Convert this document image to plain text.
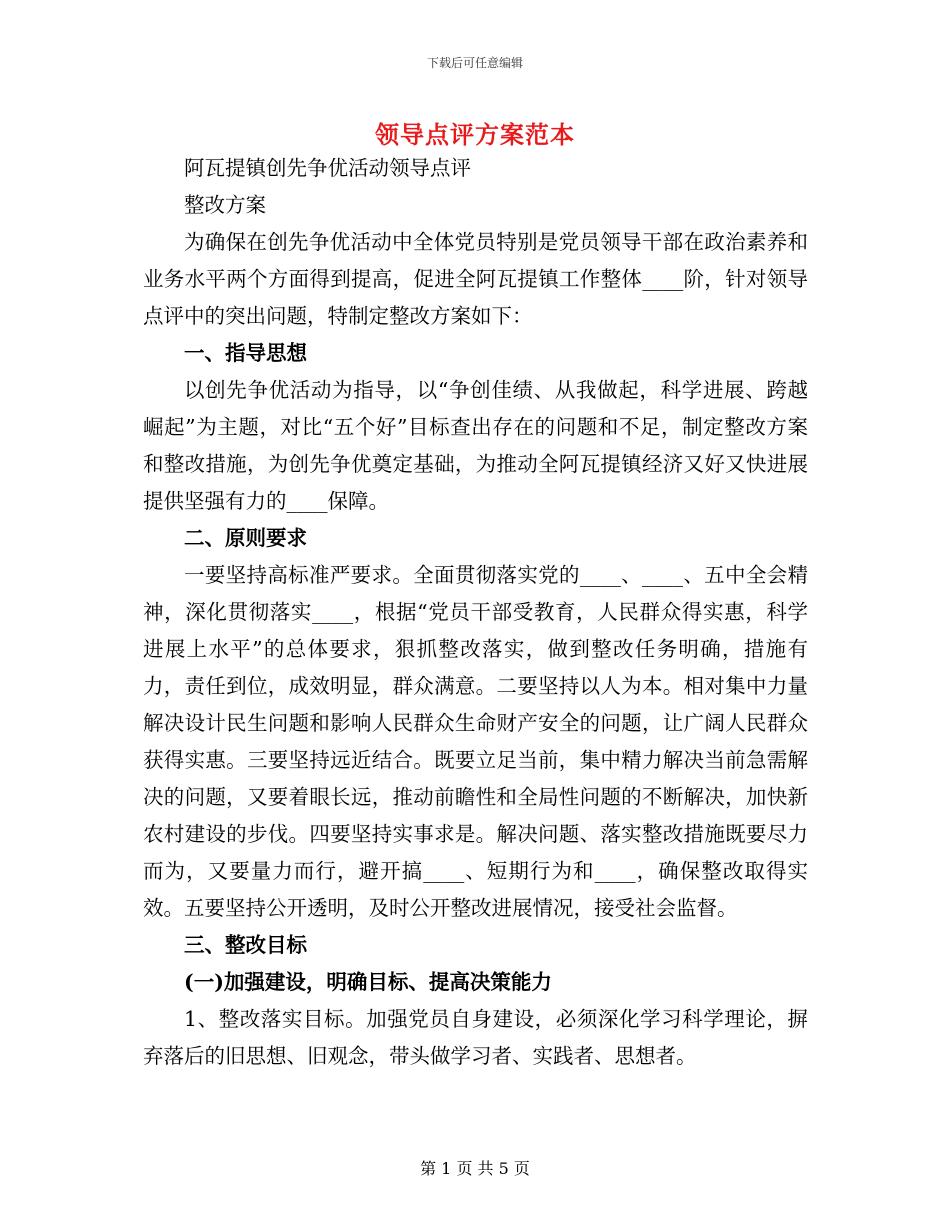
下载后可任意编辑
领导点评方案范本

阿瓦提镇创先争优活动领导点评

整改方案

为确保在创先争优活动中全体党员特别是党员领导干部在政治素养和业务水平两个方面得到提高，促进全阿瓦提镇工作整体____阶，针对领导点评中的突出问题，特制定整改方案如下：

一、指导思想

以创先争优活动为指导，以“争创佳绩、从我做起，科学进展、跨越崛起”为主题，对比“五个好”目标查出存在的问题和不足，制定整改方案和整改措施，为创先争优奠定基础，为推动全阿瓦提镇经济又好又快进展提供坚强有力的____保障。

二、原则要求

一要坚持高标准严要求。全面贯彻落实党的____、____、五中全会精神，深化贯彻落实____，根据“党员干部受教育，人民群众得实惠，科学进展上水平”的总体要求，狠抓整改落实，做到整改任务明确，措施有力，责任到位，成效明显，群众满意。二要坚持以人为本。相对集中力量解决设计民生问题和影响人民群众生命财产安全的问题，让广阔人民群众获得实惠。三要坚持远近结合。既要立足当前，集中精力解决当前急需解决的问题，又要着眼长远，推动前瞻性和全局性问题的不断解决，加快新农村建设的步伐。四要坚持实事求是。解决问题、落实整改措施既要尽力而为，又要量力而行，避开搞____、短期行为和____，确保整改取得实效。五要坚持公开透明，及时公开整改进展情况，接受社会监督。

三、整改目标

(一)加强建设，明确目标、提高决策能力

1、整改落实目标。加强党员自身建设，必须深化学习科学理论，摒弃落后的旧思想、旧观念，带头做学习者、实践者、思想者。

第 1 页 共 5 页
